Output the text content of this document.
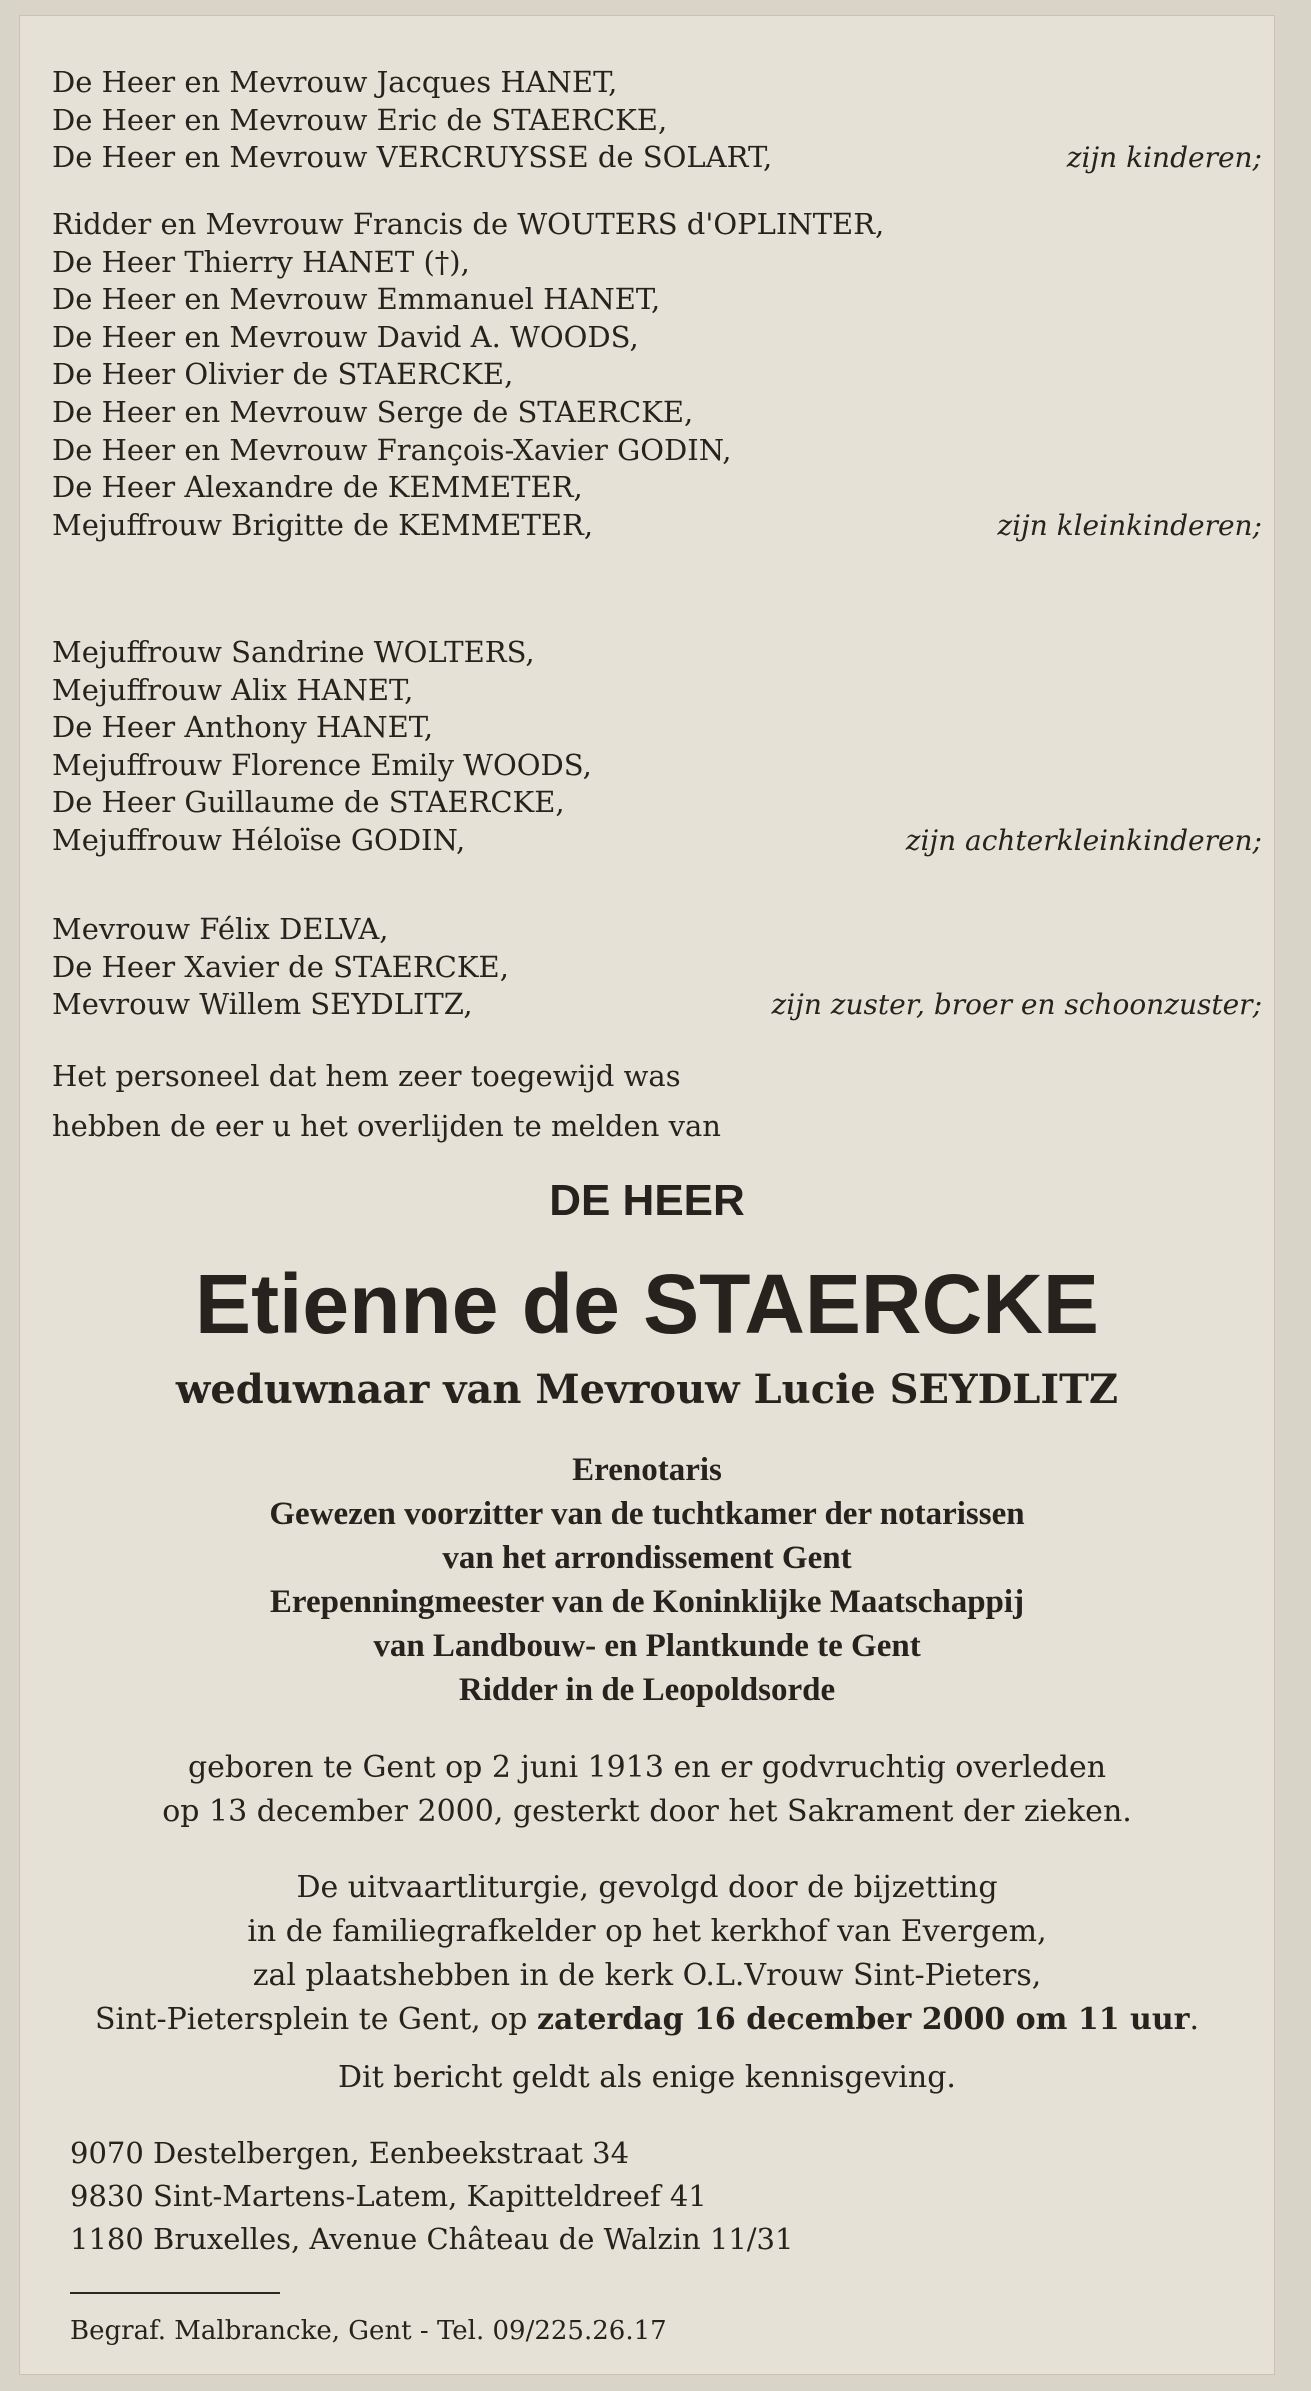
De Heer en Mevrouw Jacques HANET,
De Heer en Mevrouw Eric de STAERCKE,
De Heer en Mevrouw VERCRUYSSE de SOLART,	zijn kinderen;
Ridder en Mevrouw Francis de WOUTERS d'OPLINTER,
De Heer Thierry HANET (†),
De Heer en Mevrouw Emmanuel HANET,
De Heer en Mevrouw David A. WOODS,
De Heer Olivier de STAERCKE,
De Heer en Mevrouw Serge de STAERCKE,
De Heer en Mevrouw François-Xavier GODIN,
De Heer Alexandre de KEMMETER,
Mejuffrouw Brigitte de KEMMETER,	zijn kleinkinderen;
Mejuffrouw Sandrine WOLTERS,
Mejuffrouw Alix HANET,
De Heer Anthony HANET,
Mejuffrouw Florence Emily WOODS,
De Heer Guillaume de STAERCKE,
Mejuffrouw Héloïse GODIN,	zijn achterkleinkinderen;
Mevrouw Félix DELVA,
De Heer Xavier de STAERCKE,
Mevrouw Willem SEYDLITZ,	zijn zuster, broer en schoonzuster;
Het personeel dat hem zeer toegewijd was
hebben de eer u het overlijden te melden van
DE HEER
Etienne de STAERCKE
weduwnaar van Mevrouw Lucie SEYDLITZ
Erenotaris
Gewezen voorzitter van de tuchtkamer der notarissen
van het arrondissement Gent
Erepenningmeester van de Koninklijke Maatschappij
van Landbouw- en Plantkunde te Gent
Ridder in de Leopoldsorde
geboren te Gent op 2 juni 1913 en er godvruchtig overleden
op 13 december 2000, gesterkt door het Sakrament der zieken.
De uitvaartliturgie, gevolgd door de bijzetting
in de familiegrafkelder op het kerkhof van Evergem,
zal plaatshebben in de kerk O.L.Vrouw Sint-Pieters,
Sint-Pietersplein te Gent, op zaterdag 16 december 2000 om 11 uur.
Dit bericht geldt als enige kennisgeving.
9070 Destelbergen, Eenbeekstraat 34
9830 Sint-Martens-Latem, Kapitteldreef 41
1180 Bruxelles, Avenue Château de Walzin 11/31
Begraf. Malbrancke, Gent - Tel. 09/225.26.17
